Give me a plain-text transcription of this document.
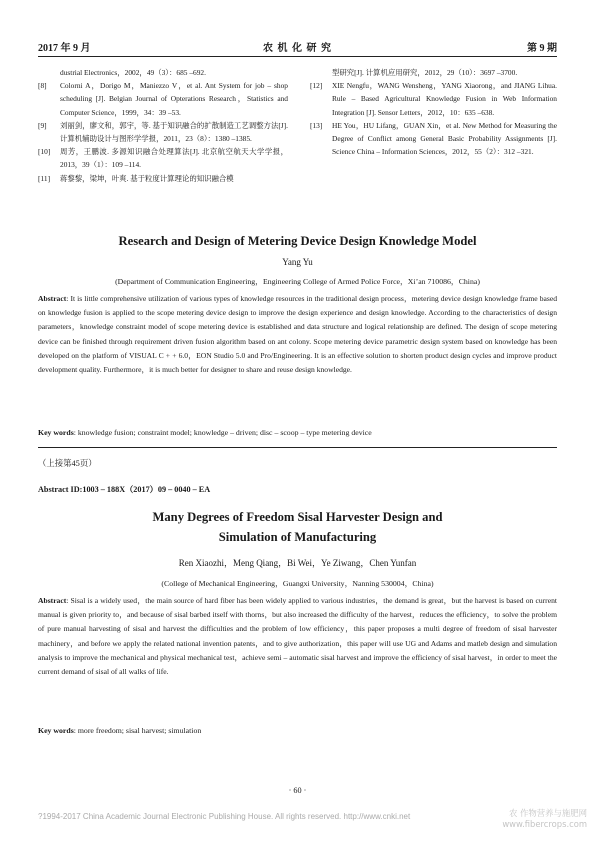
2017 年 9 月	农 机 化 研 究	第 9 期
dustrial Electronics，2002，49（3）：685 –692.
[8] Colorni A，Dorigo M，Maniezzo V，et al. Ant System for job – shop scheduling [J]. Belgian Journal of Opterations Research，Statistics and Computer Science，1999，34：39 –53.
[9] 刘丽剑，廖文和，郭宇，等. 基于知识融合的扩散制造工艺调整方法[J]. 计算机辅助设计与图形学学报，2011，23（8）：1380 –1385.
[10] 周芳，王鹏波. 多源知识融合处理算法[J]. 北京航空航天大学学报，2013，39（1）：109 –114.
[11] 蒋黎黎，梁坤，叶爽. 基于粒度计算理论的知识融合模
型研究[J]. 计算机应用研究，2012，29（10）：3697 –3700.
[12] XIE Nengfu，WANG Wensheng，YANG Xiaorong，and JIANG Lihua. Rule – Based Agricultural Knowledge Fusion in Web Information Integration [J]. Sensor Letters，2012，10：635 –638.
[13] HE You，HU Lifang，GUAN Xin，et al. New Method for Measuring the Degree of Conflict among General Basic Probability Assignments [J]. Science China – Information Sciences，2012，55（2）：312 –321.
Research and Design of Metering Device Design Knowledge Model
Yang Yu
(Department of Communication Engineering，Engineering College of Armed Police Force，Xi’an 710086，China)
Abstract: It is little comprehensive utilization of various types of knowledge resources in the traditional design process，metering device design knowledge frame based on knowledge fusion is applied to the scope metering device design to improve the design experience and design knowledge. According to the characteristics of design parameters，knowledge constraint model of scope metering device is established and data structure and logical relationship are defined. The design of scope metering device can be finished through requirement driven fusion algorithm based on ant colony. Scope metering device parametric design system based on knowledge has been developed on the platform of VISUAL C + + 6.0，EON Studio 5.0 and Pro/Engineering. It is an effective solution to shorten product design cycles and improve product development quality. Furthermore，it is much better for designer to share and reuse design knowledge.
Key words: knowledge fusion; constraint model; knowledge – driven; disc – scoop – type metering device
（上接第45页）
Abstract ID:1003 – 188X（2017）09 – 0040 – EA
Many Degrees of Freedom Sisal Harvester Design and
Simulation of Manufacturing
Ren Xiaozhi，Meng Qiang，Bi Wei，Ye Ziwang，Chen Yunfan
(College of Mechanical Engineering，Guangxi University，Nanning 530004，China)
Abstract: Sisal is a widely used，the main source of hard fiber has been widely applied to various industries，the demand is great，but the harvest is based on current manual is given priority to，and because of sisal barbed itself with thorns，but also increased the difficulty of the harvest，reduces the efficiency，to solve the problem of pure manual harvesting of sisal and harvest the difficulties and the problem of low efficiency，this paper proposes a multi degree of freedom of sisal harvester machinery，and before we apply the related national invention patents，and to give authorization，this paper will use UG and Adams and matleb design and simulation analysis to improve the mechanical and physical mechanical test，achieve semi – automatic sisal harvest and improve the efficiency of sisal harvest，in order to meet the current demand of sisal of all walks of life.
Key words: more freedom; sisal harvest; simulation
· 60 ·
?1994-2017 China Academic Journal Electronic Publishing House. All rights reserved. http://www.cnki.net	农 作物营养与施肥网
www.fibercrops.com
